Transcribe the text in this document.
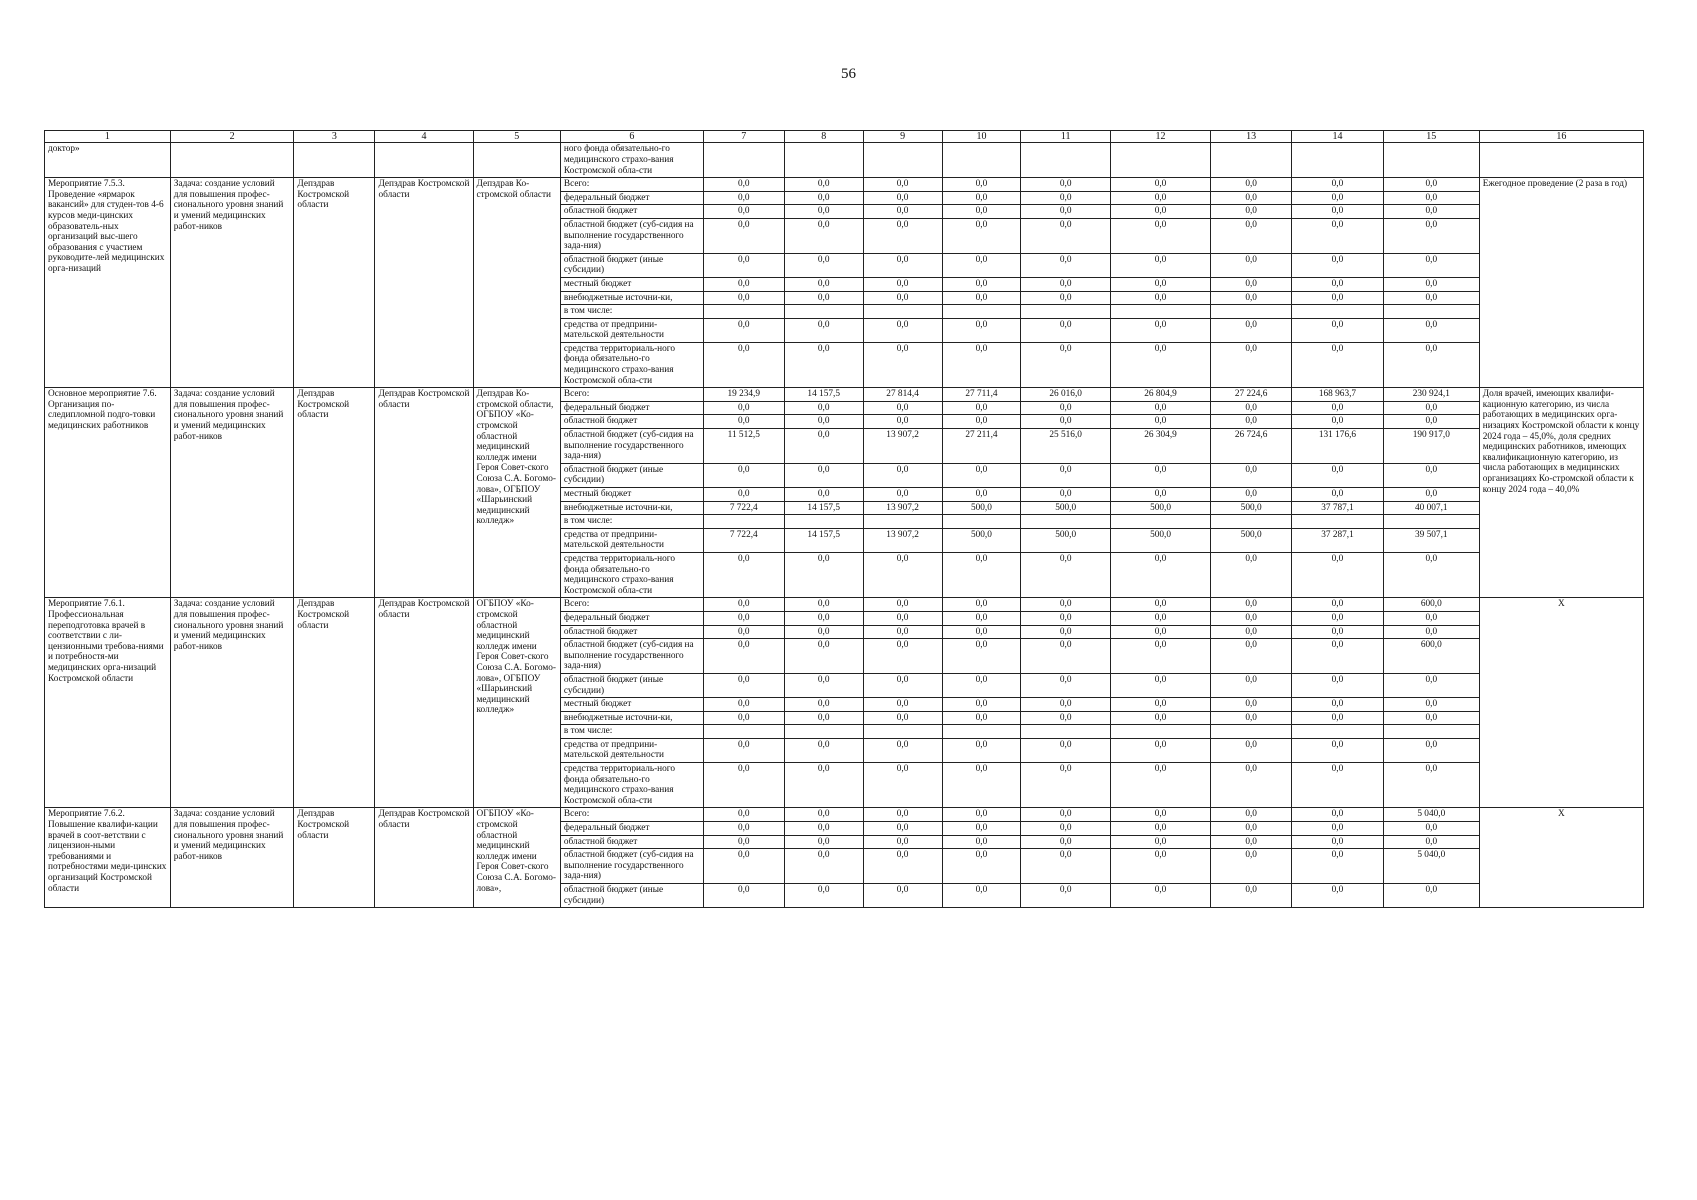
56
1	2	3	4	5	6	7	8	9	10	11	12	13	14	15	16
доктор»					ного фонда обязательно-го медицинского страхо-вания Костромской обла-сти										
Мероприятие 7.5.3. Проведение «ярмарок вакансий» для студен-тов 4-6 курсов меди-цинских образователь-ных организаций выс-шего образования с участием руководите-лей медицинских орга-низаций	Задача: создание условий для повышения профес-сионального уровня знаний и умений медицинских работ-ников	Депздрав Костромской области	Депздрав Костромской области	Депздрав Ко-стромской области	Всего:	0,0	0,0	0,0	0,0	0,0	0,0	0,0	0,0	0,0	Ежегодное проведение (2 раза в год)
					федеральный бюджет	0,0	0,0	0,0	0,0	0,0	0,0	0,0	0,0	0,0	
					областной бюджет	0,0	0,0	0,0	0,0	0,0	0,0	0,0	0,0	0,0	
					областной бюджет (суб-сидия на выполнение государственного зада-ния)	0,0	0,0	0,0	0,0	0,0	0,0	0,0	0,0	0,0	
					областной бюджет (иные субсидии)	0,0	0,0	0,0	0,0	0,0	0,0	0,0	0,0	0,0	
					местный бюджет	0,0	0,0	0,0	0,0	0,0	0,0	0,0	0,0	0,0	
					внебюджетные источни-ки,	0,0	0,0	0,0	0,0	0,0	0,0	0,0	0,0	0,0	
					в том числе:										
					средства от предприни-мательской деятельности	0,0	0,0	0,0	0,0	0,0	0,0	0,0	0,0	0,0	
					средства территориаль-ного фонда обязательно-го медицинского страхо-вания Костромской обла-сти	0,0	0,0	0,0	0,0	0,0	0,0	0,0	0,0	0,0	
Основное мероприятие 7.6. Организация по-следипломной подго-товки медицинских работников	Задача: создание условий для повышения профес-сионального уровня знаний и умений медицинских работ-ников	Депздрав Костромской области	Депздрав Костромской области	Депздрав Ко-стромской области, ОГБПОУ «Ко-стромской областной медицинский колледж имени Героя Совет-ского Союза С.А. Богомо-лова», ОГБПОУ «Шарьинский медицинский колледж»	Всего:	19 234,9	14 157,5	27 814,4	27 711,4	26 016,0	26 804,9	27 224,6	168 963,7	230 924,1	Доля врачей, имеющих квалифи-кационную категорию, из числа работающих в медицинских орга-низациях Костромской области к концу 2024 года – 45,0%, доля средних медицинских работников, имеющих квалификационную категорию, из числа работающих в медицинских организациях Ко-стромской области к концу 2024 года – 40,0%
					федеральный бюджет	0,0	0,0	0,0	0,0	0,0	0,0	0,0	0,0	0,0	
					областной бюджет	0,0	0,0	0,0	0,0	0,0	0,0	0,0	0,0	0,0	
					областной бюджет (суб-сидия на выполнение государственного зада-ния)	11 512,5	0,0	13 907,2	27 211,4	25 516,0	26 304,9	26 724,6	131 176,6	190 917,0	
					областной бюджет (иные субсидии)	0,0	0,0	0,0	0,0	0,0	0,0	0,0	0,0	0,0	
					местный бюджет	0,0	0,0	0,0	0,0	0,0	0,0	0,0	0,0	0,0	
					внебюджетные источни-ки,	7 722,4	14 157,5	13 907,2	500,0	500,0	500,0	500,0	37 787,1	40 007,1	
					в том числе:										
					средства от предприни-мательской деятельности	7 722,4	14 157,5	13 907,2	500,0	500,0	500,0	500,0	37 287,1	39 507,1	
					средства территориаль-ного фонда обязательно-го медицинского страхо-вания Костромской обла-сти	0,0	0,0	0,0	0,0	0,0	0,0	0,0	0,0	0,0	
Мероприятие 7.6.1. Профессиональная переподготовка врачей в соответствии с ли-цензионными требова-ниями и потребностя-ми медицинских орга-низаций Костромской области	Задача: создание условий для повышения профес-сионального уровня знаний и умений медицинских работ-ников	Депздрав Костромской области	Депздрав Костромской области	ОГБПОУ «Ко-стромской областной медицинский колледж имени Героя Совет-ского Союза С.А. Богомо-лова», ОГБПОУ «Шарьинский медицинский колледж»	Всего:	0,0	0,0	0,0	0,0	0,0	0,0	0,0	0,0	600,0	Х
					федеральный бюджет	0,0	0,0	0,0	0,0	0,0	0,0	0,0	0,0	0,0	
					областной бюджет	0,0	0,0	0,0	0,0	0,0	0,0	0,0	0,0	0,0	
					областной бюджет (суб-сидия на выполнение государственного зада-ния)	0,0	0,0	0,0	0,0	0,0	0,0	0,0	0,0	600,0	
					областной бюджет (иные субсидии)	0,0	0,0	0,0	0,0	0,0	0,0	0,0	0,0	0,0	
					местный бюджет	0,0	0,0	0,0	0,0	0,0	0,0	0,0	0,0	0,0	
					внебюджетные источни-ки,	0,0	0,0	0,0	0,0	0,0	0,0	0,0	0,0	0,0	
					в том числе:										
					средства от предприни-мательской деятельности	0,0	0,0	0,0	0,0	0,0	0,0	0,0	0,0	0,0	
					средства территориаль-ного фонда обязательно-го медицинского страхо-вания Костромской обла-сти	0,0	0,0	0,0	0,0	0,0	0,0	0,0	0,0	0,0	
Мероприятие 7.6.2. Повышение квалифи-кации врачей в соот-ветствии с лицензион-ными требованиями и потребностями меди-цинских организаций Костромской области	Задача: создание условий для повышения профес-сионального уровня знаний и умений медицинских работ-ников	Депздрав Костромской области	Депздрав Костромской области	ОГБПОУ «Ко-стромской областной медицинский колледж имени Героя Совет-ского Союза С.А. Богомо-лова»,	Всего:	0,0	0,0	0,0	0,0	0,0	0,0	0,0	0,0	5 040,0	Х
					федеральный бюджет	0,0	0,0	0,0	0,0	0,0	0,0	0,0	0,0	0,0	
					областной бюджет	0,0	0,0	0,0	0,0	0,0	0,0	0,0	0,0	0,0	
					областной бюджет (суб-сидия на выполнение государственного зада-ния)	0,0	0,0	0,0	0,0	0,0	0,0	0,0	0,0	5 040,0	
					областной бюджет (иные субсидии)	0,0	0,0	0,0	0,0	0,0	0,0	0,0	0,0	0,0	
